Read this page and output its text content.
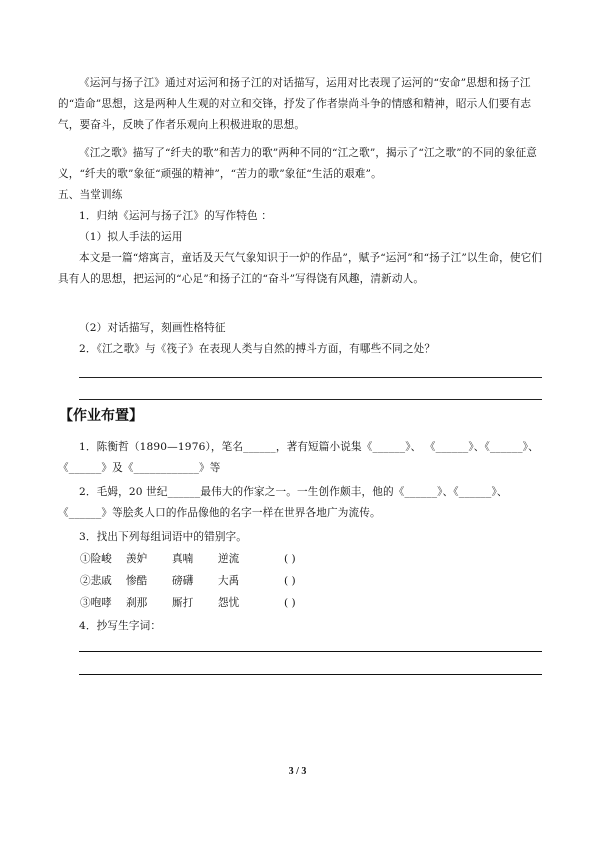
《运河与扬子江》通过对运河和扬子江的对话描写，运用对比表现了运河的“安命”思想和扬子江的“造命”思想，这是两种人生观的对立和交锋，抒发了作者崇尚斗争的情感和精神，昭示人们要有志气，要奋斗，反映了作者乐观向上积极进取的思想。

《江之歌》描写了“纤夫的歌”和苦力的歌”两种不同的“江之歌”，揭示了“江之歌”的不同的象征意义，“纤夫的歌”象征“顽强的精神”，“苦力的歌”象征“生活的艰难”。

五、当堂训练

1．归纳《运河与扬子江》的写作特色 ：

（1）拟人手法的运用

本文是一篇“熔寓言，童话及天气气象知识于一炉的作品”，赋予“运河”和“扬子江”以生命，使它们具有人的思想，把运河的“心足”和扬子江的“奋斗”写得饶有风趣，清新动人。

（2）对话描写，刻画性格特征

2．《江之歌》与《筏子》在表现人类与自然的搏斗方面，有哪些不同之处？

【作业布置】

1．陈衡哲（1890—1976），笔名______，著有短篇小说集《______》、 《______》、《______》、《______》及《____________》等

2．毛姆，20 世纪______最伟大的作家之一。一生创作颇丰，他的《______》、《______》、《______》等脍炙人口的作品像他的名字一样在世界各地广为流传。

3．找出下列每组词语中的错别字。

①险峻 羡妒 真喃 逆流	( )
②悲戚 惨酷 磅礴 大禹	( )
③咆哮 刹那 厮打 怨忧	( )

4．抄写生字词：

3 / 3
